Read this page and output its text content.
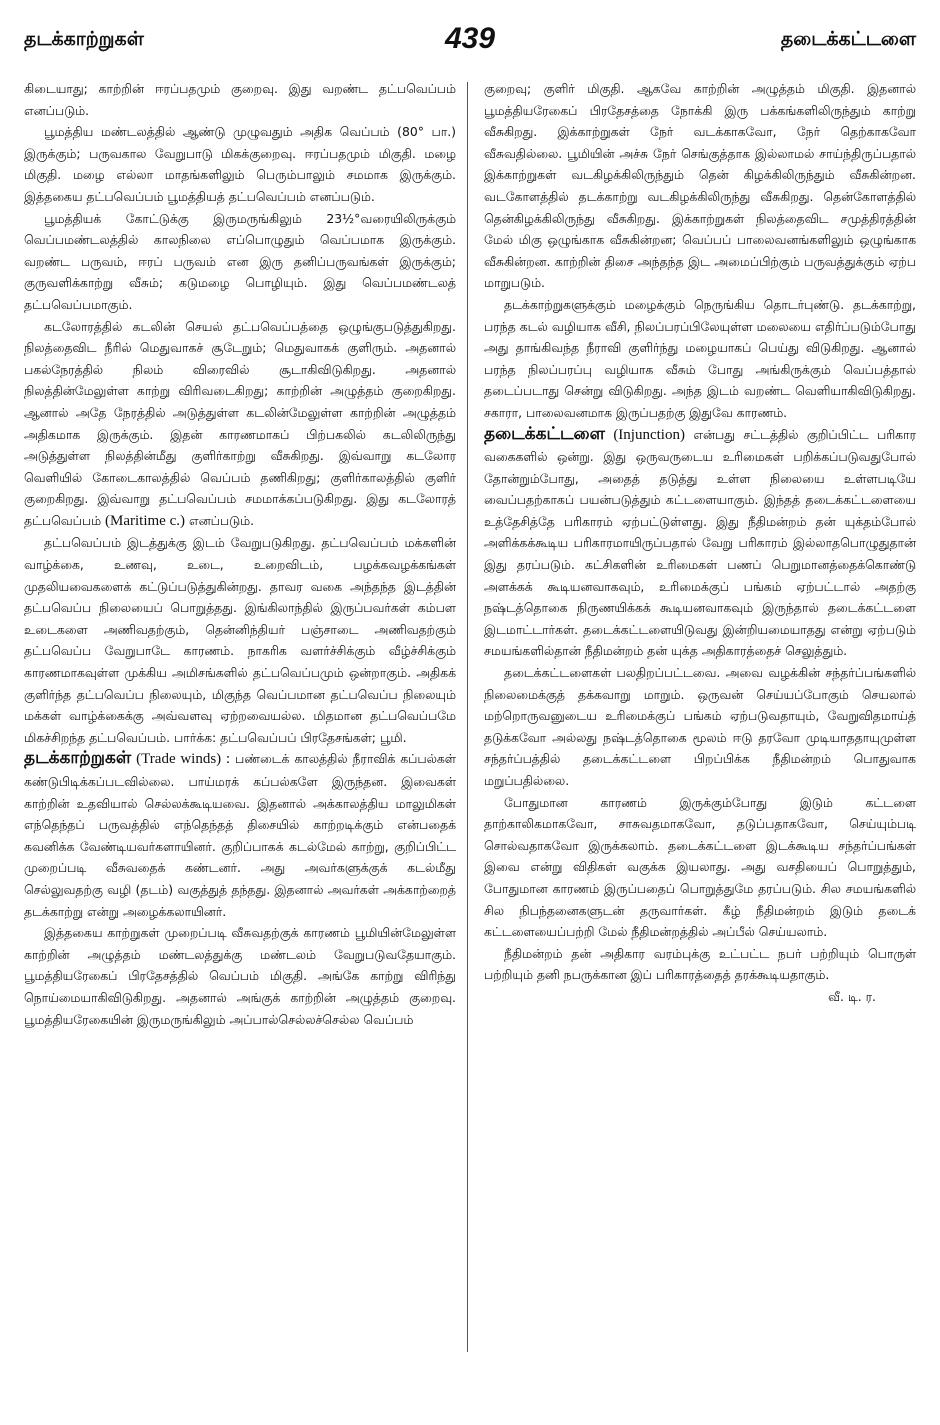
தடக்காற்றுகள்	439	தடைக்கட்டளை

கிடையாது; காற்றின் ஈரப்பதமும் குறைவு. இது வறண்ட தட்பவெப்பம் எனப்படும்.

பூமத்திய மண்டலத்தில் ஆண்டு முழுவதும் அதிக வெப்பம் (80° பா.) இருக்கும்; பருவகால வேறுபாடு மிகக்குறைவு. ஈரப்பதமும் மிகுதி. மழை மிகுதி. மழை எல்லா மாதங்களிலும் பெரும்பாலும் சமமாக இருக்கும். இத்தகைய தட்பவெப்பம் பூமத்தியத் தட்பவெப்பம் எனப்படும்.

பூமத்தியக் கோட்டுக்கு இருமருங்கிலும் 23½°வரையிலிருக்கும் வெப்பமண்டலத்தில் காலநிலை எப்பொழுதும் வெப்பமாக இருக்கும். வறண்ட பருவம், ஈரப் பருவம் என இரு தனிப்பருவங்கள் இருக்கும்; குருவளிக்காற்று வீசும்; கடுமழை பொழியும். இது வெப்பமண்டலத் தட்பவெப்பமாகும்.

கடலோரத்தில் கடலின் செயல் தட்பவெப்பத்தை ஒழுங்குபடுத்துகிறது. நிலத்தைவிட நீரில் மெதுவாகச் சூடேறும்; மெதுவாகக் குளிரும். அதனால் பகல்நேரத்தில் நிலம் விரைவில் சூடாகிவிடுகிறது. அதனால் நிலத்தின்மேலுள்ள காற்று விரிவடைகிறது; காற்றின் அழுத்தம் குறைகிறது. ஆனால் அதே நேரத்தில் அடுத்துள்ள கடலின்மேலுள்ள காற்றின் அழுத்தம் அதிகமாக இருக்கும். இதன் காரணமாகப் பிற்பகலில் கடலிலிருந்து அடுத்துள்ள நிலத்தின்மீது குளிர்காற்று வீசுகிறது. இவ்வாறு கடலோர வெளியில் கோடைகாலத்தில் வெப்பம் தணிகிறது; குளிர்காலத்தில் குளிர் குறைகிறது. இவ்வாறு தட்பவெப்பம் சமமாக்கப்படுகிறது. இது கடலோரத் தட்பவெப்பம் (Maritime c.) எனப்படும்.

தட்பவெப்பம் இடத்துக்கு இடம் வேறுபடுகிறது. தட்பவெப்பம் மக்களின் வாழ்க்கை, உணவு, உடை, உறைவிடம், பழக்கவழக்கங்கள் முதலியவைகளைக் கட்டுப்படுத்துகின்றது. தாவர வகை அந்தந்த இடத்தின் தட்பவெப்ப நிலையைப் பொறுத்தது. இங்கிலாந்தில் இருப்பவர்கள் கம்பள உடைகளை அணிவதற்கும், தென்னிந்தியர் பஞ்சாடை அணிவதற்கும் தட்பவெப்ப வேறுபாடே காரணம். நாகரிக வளர்ச்சிக்கும் வீழ்ச்சிக்கும் காரணமாகவுள்ள முக்கிய அமிசங்களில் தட்பவெப்பமும் ஒன்றாகும். அதிகக் குளிர்ந்த தட்பவெப்ப நிலையும், மிகுந்த வெப்பமான தட்பவெப்ப நிலையும் மக்கள் வாழ்க்கைக்கு அவ்வளவு ஏற்றவையல்ல. மிதமான தட்பவெப்பமே மிகச்சிறந்த தட்பவெப்பம். பார்க்க: தட்பவெப்பப் பிரதேசங்கள்; பூமி.

தடக்காற்றுகள் (Trade winds) : பண்டைக் காலத்தில் நீராவிக் கப்பல்கள் கண்டுபிடிக்கப்படவில்லை. பாய்மரக் கப்பல்களே இருந்தன. இவைகள் காற்றின் உதவியால் செல்லக்கூடியவை. இதனால் அக்காலத்திய மாலுமிகள் எந்தெந்தப் பருவத்தில் எந்தெந்தத் திசையில் காற்றடிக்கும் என்பதைக் கவனிக்க வேண்டியவர்களாயினர். குறிப்பாகக் கடல்மேல் காற்று, குறிப்பிட்ட முறைப்படி வீசுவதைக் கண்டனர். அது அவர்களுக்குக் கடல்மீது செல்லுவதற்கு வழி (தடம்) வகுத்துத் தந்தது. இதனால் அவர்கள் அக்காற்றைத் தடக்காற்று என்று அழைக்கலாயினர்.

இத்தகைய காற்றுகள் முறைப்படி வீசுவதற்குக் காரணம் பூமியின்மேலுள்ள காற்றின் அழுத்தம் மண்டலத்துக்கு மண்டலம் வேறுபடுவதேயாகும். பூமத்தியரேகைப் பிரதேசத்தில் வெப்பம் மிகுதி. அங்கே காற்று விரிந்து நொய்மையாகிவிடுகிறது. அதனால் அங்குக் காற்றின் அழுத்தம் குறைவு. பூமத்தியரேகையின் இருமருங்கிலும் அப்பால்செல்லச்செல்ல வெப்பம்

குறைவு; குளிர் மிகுதி. ஆகவே காற்றின் அழுத்தம் மிகுதி. இதனால் பூமத்தியரேகைப் பிரதேசத்தை நோக்கி இரு பக்கங்களிலிருந்தும் காற்று வீசுகிறது. இக்காற்றுகள் நேர் வடக்காகவோ, நேர் தெற்காகவோ வீசுவதில்லை. பூமியின் அச்சு நேர் செங்குத்தாக இல்லாமல் சாய்ந்திருப்பதால் இக்காற்றுகள் வடகிழக்கிலிருந்தும் தென் கிழக்கிலிருந்தும் வீசுகின்றன. வடகோளத்தில் தடக்காற்று வடகிழக்கிலிருந்து வீசுகிறது. தென்கோளத்தில் தென்கிழக்கிலிருந்து வீசுகிறது. இக்காற்றுகள் நிலத்தைவிட சமுத்திரத்தின் மேல் மிகு ஒழுங்காக வீசுகின்றன; வெப்பப் பாலைவனங்களிலும் ஒழுங்காக வீசுகின்றன. காற்றின் திசை அந்தந்த இட அமைப்பிற்கும் பருவத்துக்கும் ஏற்ப மாறுபடும்.

தடக்காற்றுகளுக்கும் மழைக்கும் நெருங்கிய தொடர்புண்டு. தடக்காற்று, பரந்த கடல் வழியாக வீசி, நிலப்பரப்பிலேயுள்ள மலையை எதிர்ப்படும்போது அது தாங்கிவந்த நீராவி குளிர்ந்து மழையாகப் பெய்து விடுகிறது. ஆனால் பரந்த நிலப்பரப்பு வழியாக வீசும் போது அங்கிருக்கும் வெப்பத்தால் தடைப்படாது சென்று விடுகிறது. அந்த இடம் வறண்ட வெளியாகிவிடுகிறது. சகாரா, பாலைவனமாக இருப்பதற்கு இதுவே காரணம்.

தடைக்கட்டளை (Injunction) என்பது சட்டத்தில் குறிப்பிட்ட பரிகார வகைகளில் ஒன்று. இது ஒருவருடைய உரிமைகள் பறிக்கப்படுவதுபோல் தோன்றும்போது, அதைத் தடுத்து உள்ள நிலையை உள்ளபடியே வைப்பதற்காகப் பயன்படுத்தும் கட்டளையாகும். இந்தத் தடைக்கட்டளையை உத்தேசித்தே பரிகாரம் ஏற்பட்டுள்ளது. இது நீதிமன்றம் தன் யுக்தம்போல் அளிக்கக்கூடிய பரிகாரமாயிருப்பதால் வேறு பரிகாரம் இல்லாதபொழுதுதான் இது தரப்படும். கட்சிகளின் உரிமைகள் பணப் பெறுமானத்தைக்கொண்டு அளக்கக் கூடியனவாகவும், உரிமைக்குப் பங்கம் ஏற்பட்டால் அதற்கு நஷ்டத்தொகை நிருணயிக்கக் கூடியனவாகவும் இருந்தால் தடைக்கட்டளை இடமாட்டார்கள். தடைக்கட்டளையிடுவது இன்றியமையாதது என்று ஏற்படும் சமயங்களில்தான் நீதிமன்றம் தன் யுக்த அதிகாரத்தைச் செலுத்தும்.

தடைக்கட்டளைகள் பலதிறப்பட்டவை. அவை வழக்கின் சந்தர்ப்பங்களில் நிலைமைக்குத் தக்கவாறு மாறும். ஒருவன் செய்யப்போகும் செயலால் மற்றொருவனுடைய உரிமைக்குப் பங்கம் ஏற்படுவதாயும், வேறுவிதமாய்த் தடுக்கவோ அல்லது நஷ்டத்தொகை மூலம் ஈடு தரவோ முடியாததாயுமுள்ள சந்தர்ப்பத்தில் தடைக்கட்டளை பிறப்பிக்க நீதிமன்றம் பொதுவாக மறுப்பதில்லை.

போதுமான காரணம் இருக்கும்போது இடும் கட்டளை தாற்காலிகமாகவோ, சாசுவதமாகவோ, தடுப்பதாகவோ, செய்யும்படி சொல்வதாகவோ இருக்கலாம். தடைக்கட்டளை இடக்கூடிய சந்தர்ப்பங்கள் இவை என்று விதிகள் வகுக்க இயலாது. அது வசதியைப் பொறுத்தும், போதுமான காரணம் இருப்பதைப் பொறுத்துமே தரப்படும். சில சமயங்களில் சில நிபந்தனைகளுடன் தருவார்கள். கீழ் நீதிமன்றம் இடும் தடைக் கட்டளையைப்பற்றி மேல் நீதிமன்றத்தில் அப்பீல் செய்யலாம்.

நீதிமன்றம் தன் அதிகார வரம்புக்கு உட்பட்ட நபர் பற்றியும் பொருள் பற்றியும் தனி நபருக்கான இப் பரிகாரத்தைத் தரக்கூடியதாகும்.
வீ. டி. ர.
